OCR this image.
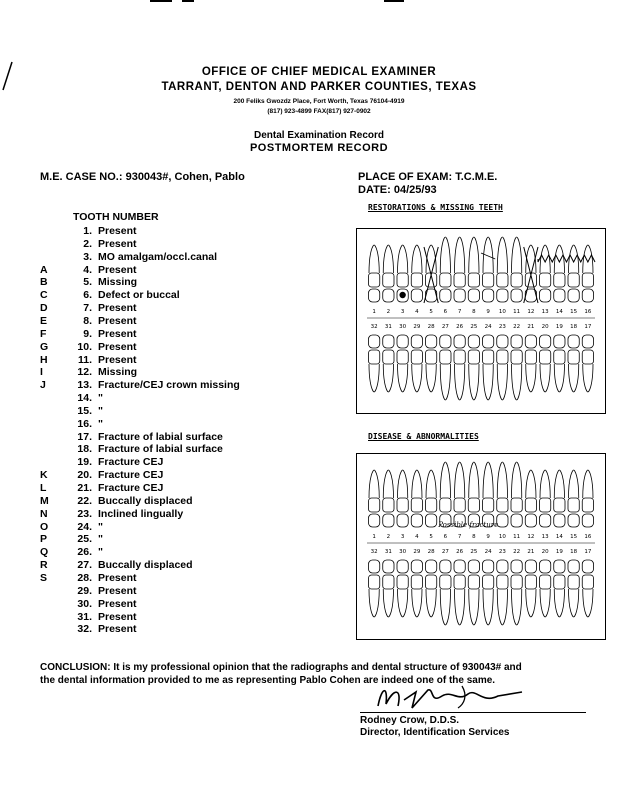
OFFICE OF CHIEF MEDICAL EXAMINER
TARRANT, DENTON AND PARKER COUNTIES, TEXAS
200 Feliks Gwozdz Place, Fort Worth, Texas 76104-4919
(817) 923-4899 FAX(817) 927-0902
Dental Examination Record
POSTMORTEM RECORD
M.E. CASE NO.: 930043#, Cohen, Pablo	PLACE OF EXAM: T.C.M.E.
DATE: 04/25/93
TOOTH NUMBER
1. Present
2. Present
3. MO amalgam/occl.canal
A	4. Present
B	5. Missing
C	6. Defect or buccal
D	7. Present
E	8. Present
F	9. Present
G	10. Present
H	11. Present
I	12. Missing
J	13. Fracture/CEJ crown missing
14. "
15. "
16. "
17. Fracture of labial surface
18. Fracture of labial surface
19. Fracture CEJ
K	20. Fracture CEJ
L	21. Fracture CEJ
M	22. Buccally displaced
N	23. Inclined lingually
O	24. "
P	25. "
Q	26. "
R	27. Buccally displaced
S	28. Present
29. Present
30. Present
31. Present
32. Present
RESTORATIONS & MISSING TEETH
1
32
2
31
3
30
4
29
5
28
6
27
7
26
8
25
9
24
10
23
11
22
12
21
13
20
14
19
15
18
16
17
DISEASE & ABNORMALITIES
1
32
2
31
3
30
4
29
5
28
6
27
7
26
8
25
9
24
10
23
11
22
12
21
13
20
14
19
15
18
16
17
Possible fracture
CONCLUSION: It is my professional opinion that the radiographs and dental structure of 930043# and
the dental information provided to me as representing Pablo Cohen are indeed one of the same.
Rodney Crow, D.D.S.
Director, Identification Services
